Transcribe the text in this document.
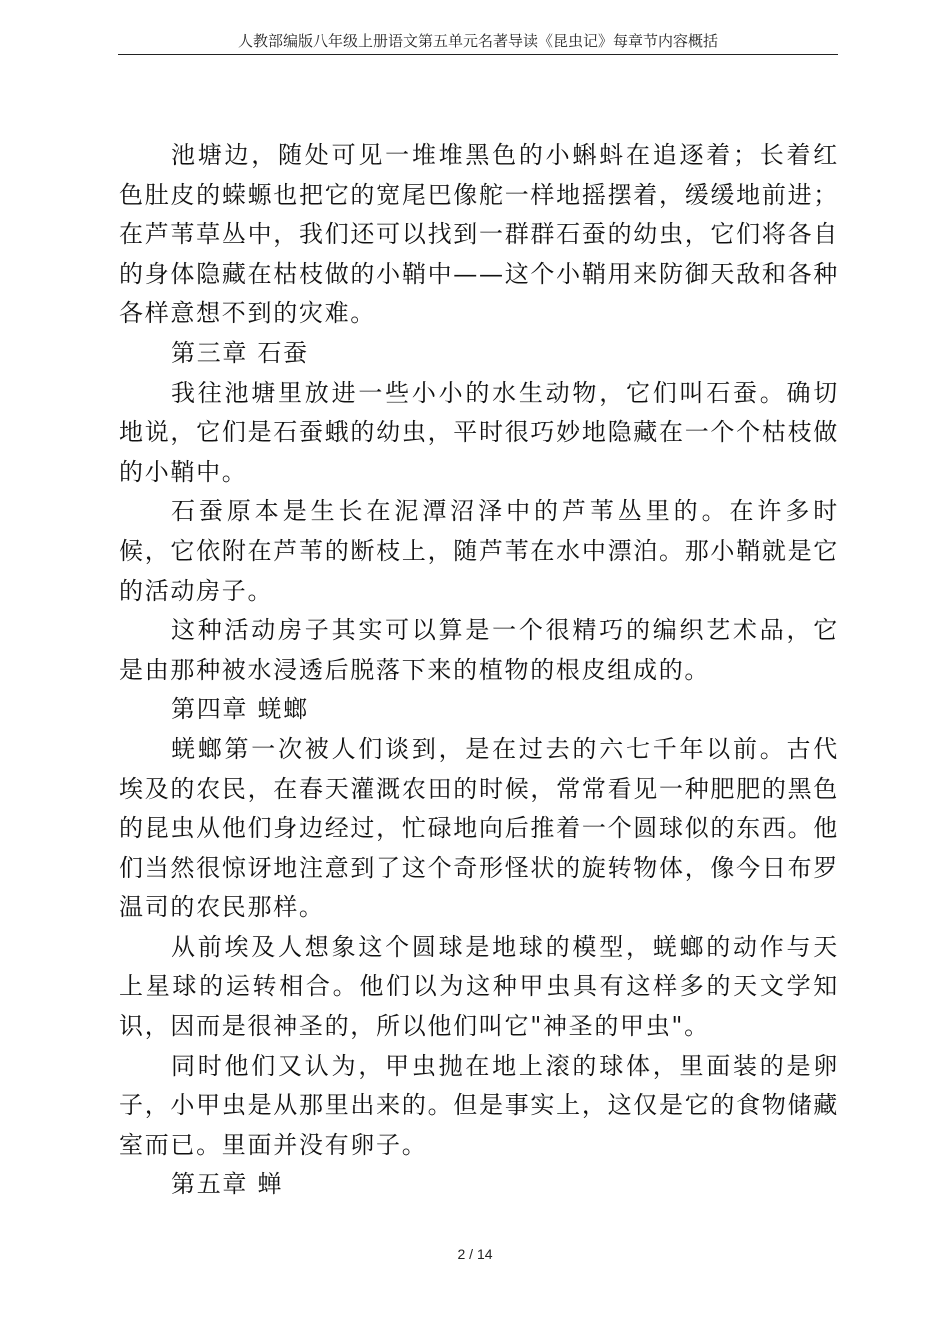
人教部编版八年级上册语文第五单元名著导读《昆虫记》每章节内容概括

池塘边，随处可见一堆堆黑色的小蝌蚪在追逐着；长着红色肚皮的蝾螈也把它的宽尾巴像舵一样地摇摆着，缓缓地前进；在芦苇草丛中，我们还可以找到一群群石蚕的幼虫，它们将各自的身体隐藏在枯枝做的小鞘中——这个小鞘用来防御天敌和各种各样意想不到的灾难。

第三章 石蚕

我往池塘里放进一些小小的水生动物，它们叫石蚕。确切地说，它们是石蚕蛾的幼虫，平时很巧妙地隐藏在一个个枯枝做的小鞘中。

石蚕原本是生长在泥潭沼泽中的芦苇丛里的。在许多时候，它依附在芦苇的断枝上，随芦苇在水中漂泊。那小鞘就是它的活动房子。

这种活动房子其实可以算是一个很精巧的编织艺术品，它是由那种被水浸透后脱落下来的植物的根皮组成的。

第四章 蜣螂

蜣螂第一次被人们谈到，是在过去的六七千年以前。古代埃及的农民，在春天灌溉农田的时候，常常看见一种肥肥的黑色的昆虫从他们身边经过，忙碌地向后推着一个圆球似的东西。他们当然很惊讶地注意到了这个奇形怪状的旋转物体，像今日布罗温司的农民那样。

从前埃及人想象这个圆球是地球的模型，蜣螂的动作与天上星球的运转相合。他们以为这种甲虫具有这样多的天文学知识，因而是很神圣的，所以他们叫它"神圣的甲虫"。

同时他们又认为，甲虫抛在地上滚的球体，里面装的是卵子，小甲虫是从那里出来的。但是事实上，这仅是它的食物储藏室而已。里面并没有卵子。

第五章 蝉
2 / 14
